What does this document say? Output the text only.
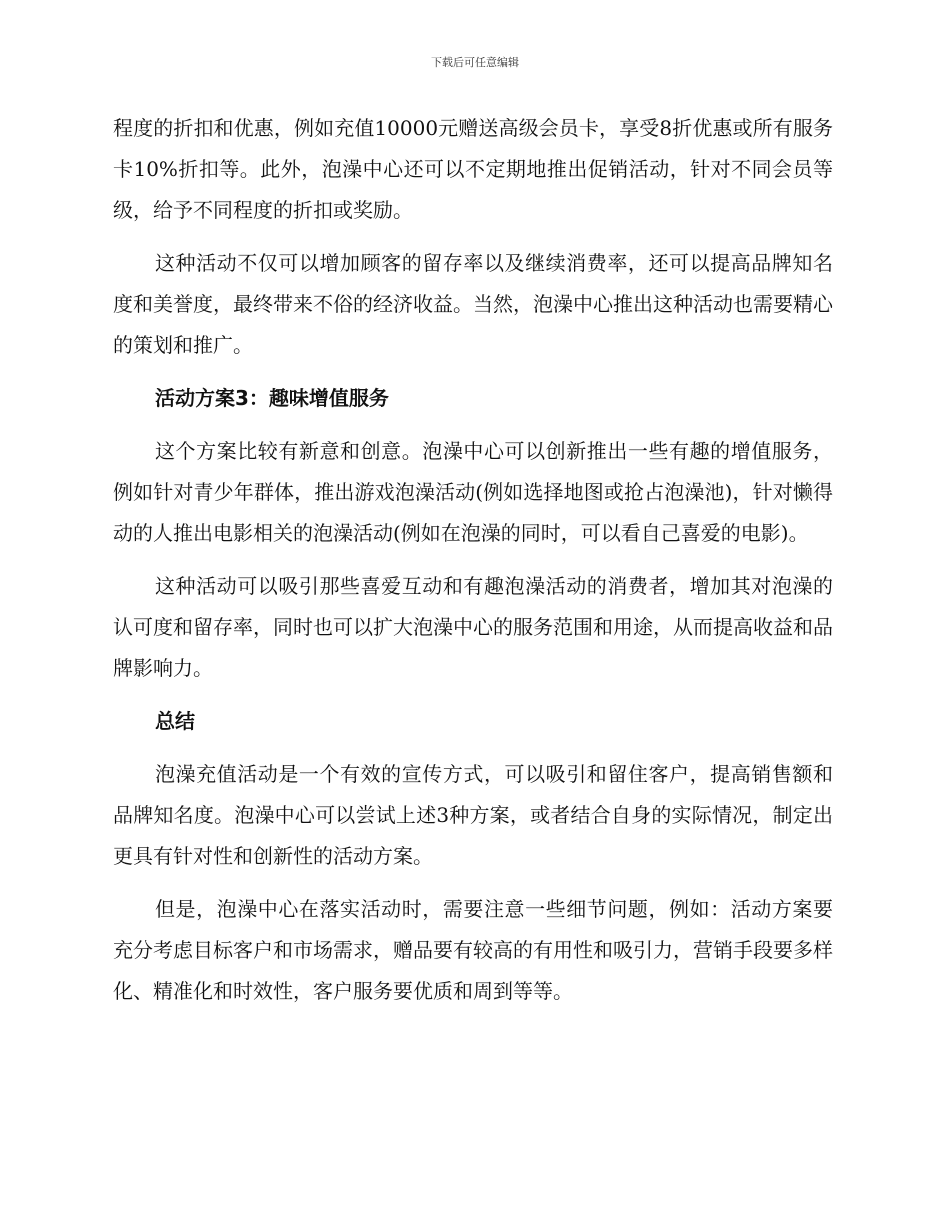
下载后可任意编辑

程度的折扣和优惠，例如充值10000元赠送高级会员卡，享受8折优惠或所有服务卡10%折扣等。此外，泡澡中心还可以不定期地推出促销活动，针对不同会员等级，给予不同程度的折扣或奖励。

这种活动不仅可以增加顾客的留存率以及继续消费率，还可以提高品牌知名度和美誉度，最终带来不俗的经济收益。当然，泡澡中心推出这种活动也需要精心的策划和推广。

活动方案3：趣味增值服务

这个方案比较有新意和创意。泡澡中心可以创新推出一些有趣的增值服务，例如针对青少年群体，推出游戏泡澡活动(例如选择地图或抢占泡澡池)，针对懒得动的人推出电影相关的泡澡活动(例如在泡澡的同时，可以看自己喜爱的电影)。

这种活动可以吸引那些喜爱互动和有趣泡澡活动的消费者，增加其对泡澡的认可度和留存率，同时也可以扩大泡澡中心的服务范围和用途，从而提高收益和品牌影响力。

总结

泡澡充值活动是一个有效的宣传方式，可以吸引和留住客户，提高销售额和品牌知名度。泡澡中心可以尝试上述3种方案，或者结合自身的实际情况，制定出更具有针对性和创新性的活动方案。

但是，泡澡中心在落实活动时，需要注意一些细节问题，例如：活动方案要充分考虑目标客户和市场需求，赠品要有较高的有用性和吸引力，营销手段要多样化、精准化和时效性，客户服务要优质和周到等等。
